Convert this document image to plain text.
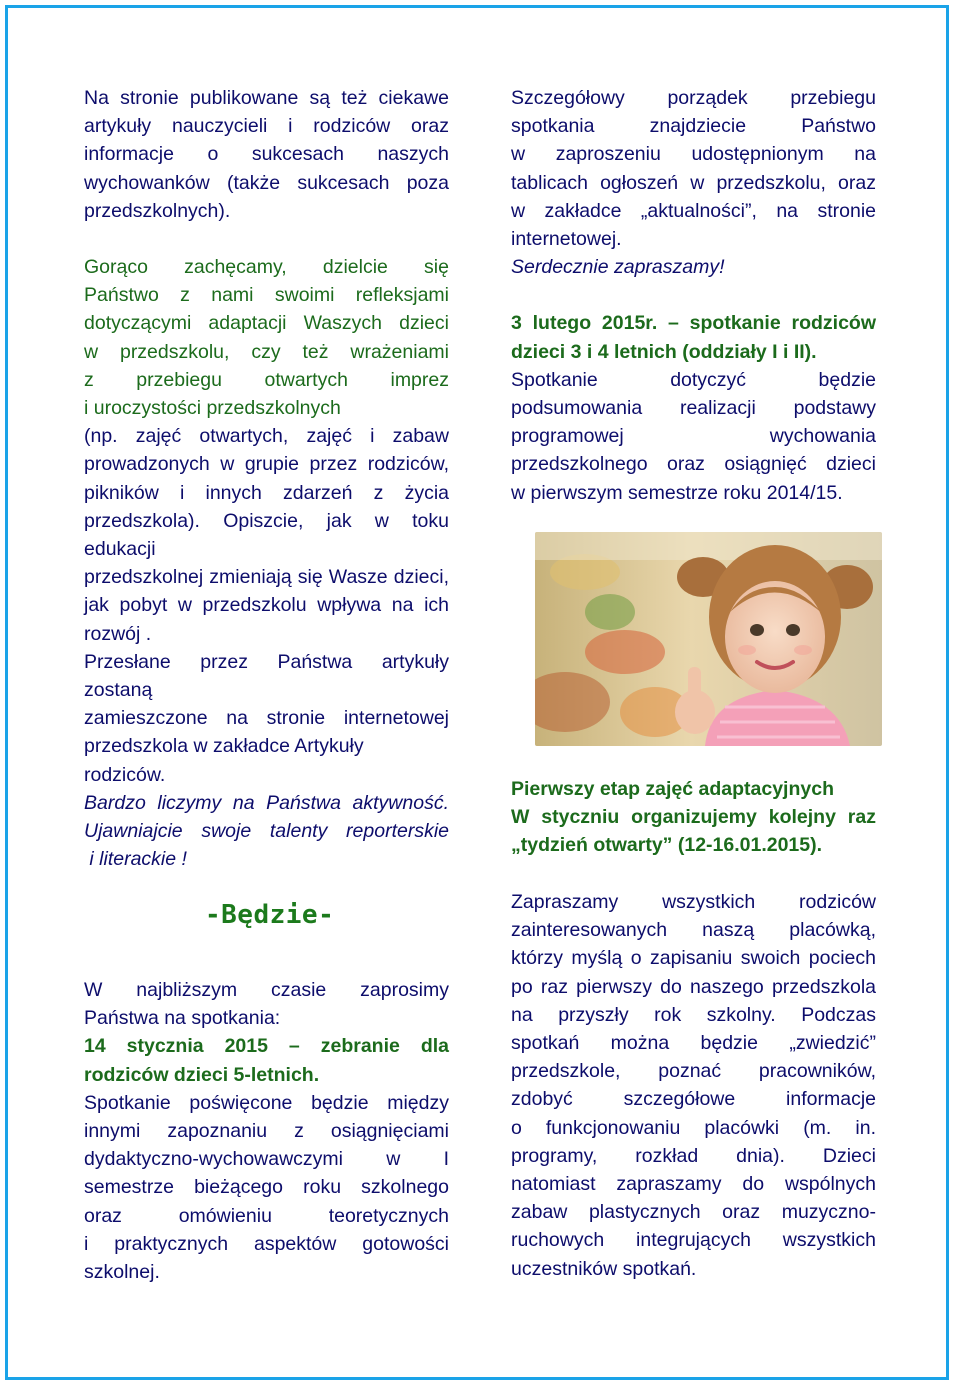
Na stronie publikowane są też ciekawe

artykuły nauczycieli i rodziców oraz

informacje o sukcesach naszych

wychowanków (także sukcesach poza

przedszkolnych).

Gorąco zachęcamy, dzielcie się

Państwo z nami swoimi refleksjami

dotyczącymi adaptacji Waszych dzieci

w przedszkolu, czy też wrażeniami

z przebiegu otwartych imprez

i uroczystości przedszkolnych

(np. zajęć otwartych, zajęć i zabaw

prowadzonych w grupie przez rodziców,

pikników i innych zdarzeń z życia

przedszkola). Opiszcie, jak w toku edukacji

przedszkolnej zmieniają się Wasze dzieci,

jak pobyt w przedszkolu wpływa na ich

rozwój .

Przesłane przez Państwa artykuły zostaną

zamieszczone na stronie internetowej

przedszkola w zakładce Artykuły rodziców.

Bardzo liczymy na Państwa aktywność.

Ujawniajcie swoje talenty reporterskie

i literackie !

-Będzie-

W najbliższym czasie zaprosimy

Państwa na spotkania:

14 stycznia 2015 – zebranie dla

rodziców dzieci 5-letnich.

Spotkanie poświęcone będzie między

innymi zapoznaniu z osiągnięciami

dydaktyczno-wychowawczymi w I

semestrze bieżącego roku szkolnego

oraz omówieniu teoretycznych

i praktycznych aspektów gotowości

szkolnej.

Szczegółowy porządek przebiegu

spotkania znajdziecie Państwo

w zaproszeniu udostępnionym na

tablicach ogłoszeń w przedszkolu, oraz

w zakładce „aktualności”, na stronie

internetowej.

Serdecznie zapraszamy!

3 lutego 2015r. – spotkanie rodziców

dzieci 3 i 4 letnich (oddziały I i II).

Spotkanie dotyczyć będzie

podsumowania realizacji podstawy

programowej wychowania

przedszkolnego oraz osiągnięć dzieci

w pierwszym semestrze roku 2014/15.

Pierwszy etap zajęć adaptacyjnych

W styczniu organizujemy kolejny raz

„tydzień otwarty” (12-16.01.2015).

Zapraszamy wszystkich rodziców

zainteresowanych naszą placówką,

którzy myślą o zapisaniu swoich pociech

po raz pierwszy do naszego przedszkola

na przyszły rok szkolny. Podczas

spotkań można będzie „zwiedzić”

przedszkole, poznać pracowników,

zdobyć szczegółowe informacje

o funkcjonowaniu placówki (m. in.

programy, rozkład dnia). Dzieci

natomiast zapraszamy do wspólnych

zabaw plastycznych oraz muzyczno-

ruchowych integrujących wszystkich

uczestników spotkań.
